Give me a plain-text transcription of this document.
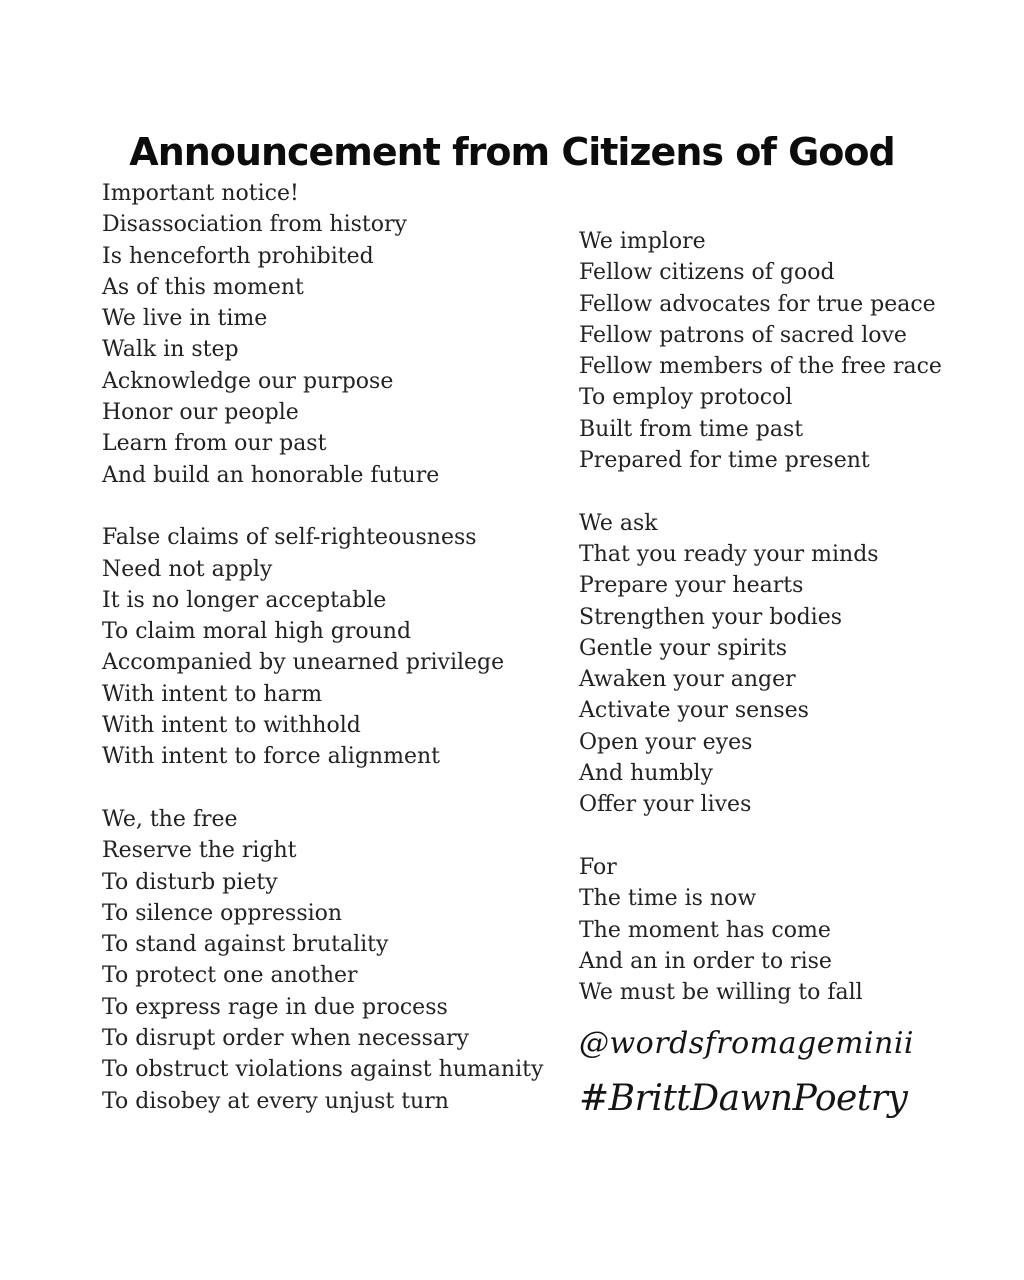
Announcement from Citizens of Good
Important notice!
Disassociation from history
Is henceforth prohibited
As of this moment
We live in time
Walk in step
Acknowledge our purpose
Honor our people
Learn from our past
And build an honorable future
False claims of self-righteousness
Need not apply
It is no longer acceptable
To claim moral high ground
Accompanied by unearned privilege
With intent to harm
With intent to withhold
With intent to force alignment
We, the free
Reserve the right
To disturb piety
To silence oppression
To stand against brutality
To protect one another
To express rage in due process
To disrupt order when necessary
To obstruct violations against humanity
To disobey at every unjust turn
We implore
Fellow citizens of good
Fellow advocates for true peace
Fellow patrons of sacred love
Fellow members of the free race
To employ protocol
Built from time past
Prepared for time present
We ask
That you ready your minds
Prepare your hearts
Strengthen your bodies
Gentle your spirits
Awaken your anger
Activate your senses
Open your eyes
And humbly
Offer your lives
For
The time is now
The moment has come
And an in order to rise
We must be willing to fall
@wordsfromageminii
#BrittDawnPoetry
